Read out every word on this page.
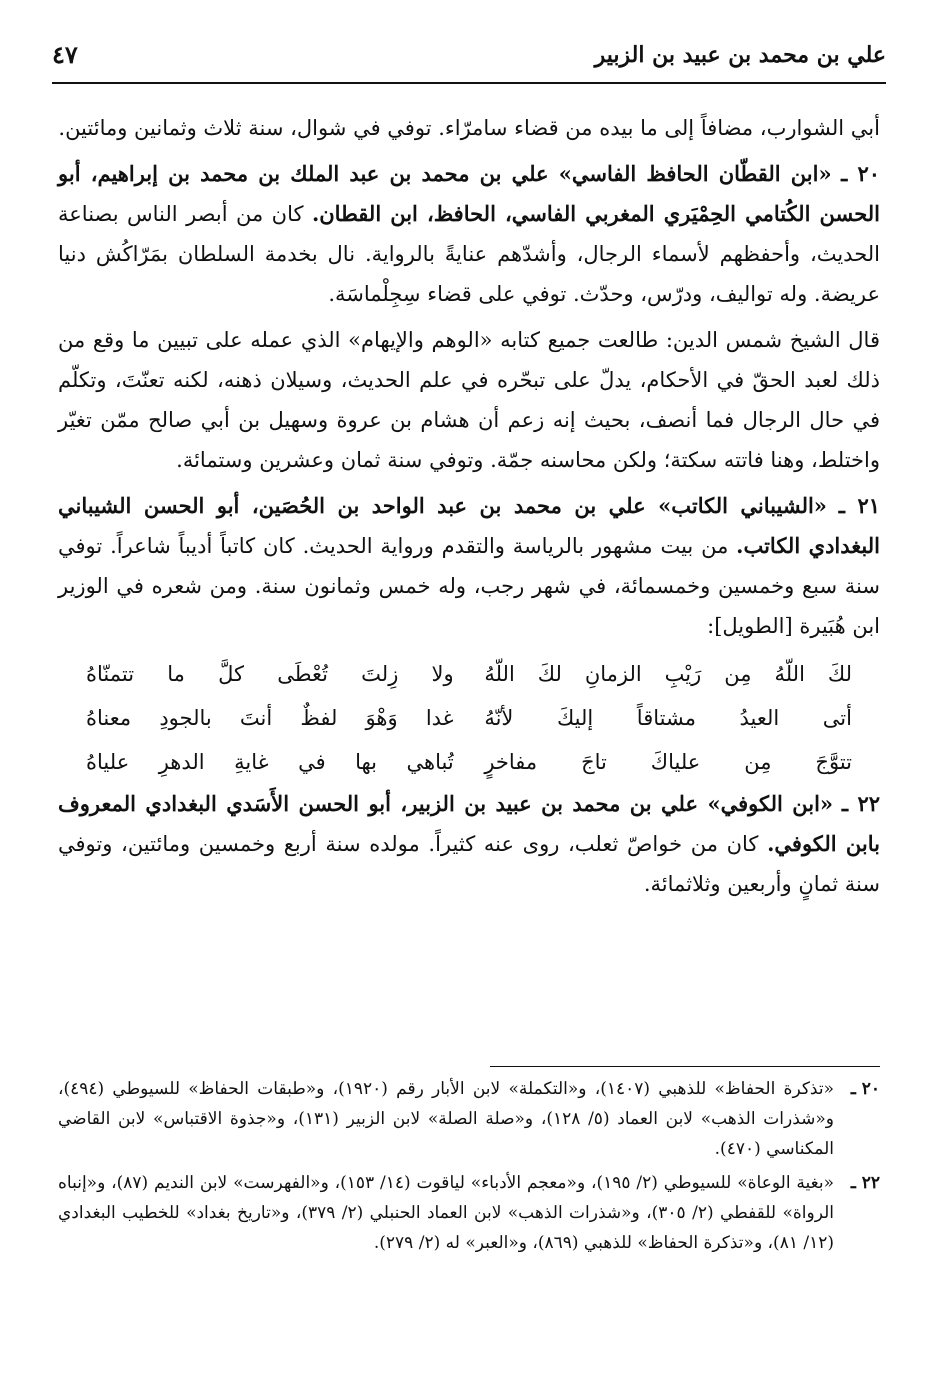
علي بن محمد بن عبيد بن الزبير
٤٧

أبي الشوارب، مضافاً إلى ما بيده من قضاء سامرّاء. توفي في شوال، سنة ثلاث وثمانين ومائتين.

٢٠ ـ «ابن القطّان الحافظ الفاسي» علي بن محمد بن عبد الملك بن محمد بن إبراهيم، أبو الحسن الكُتامي الحِمْيَري المغربي الفاسي، الحافظ، ابن القطان. كان من أبصر الناس بصناعة الحديث، وأحفظهم لأسماء الرجال، وأشدّهم عنايةً بالرواية. نال بخدمة السلطان بمَرّاكُش دنيا عريضة. وله تواليف، ودرّس، وحدّث. توفي على قضاء سِجِلْماسَة.

قال الشيخ شمس الدين: طالعت جميع كتابه «الوهم والإيهام» الذي عمله على تبيين ما وقع من ذلك لعبد الحقّ في الأحكام، يدلّ على تبحّره في علم الحديث، وسيلان ذهنه، لكنه تعنّتَ، وتكلّم في حال الرجال فما أنصف، بحيث إنه زعم أن هشام بن عروة وسهيل بن أبي صالح ممّن تغيّر واختلط، وهنا فاتته سكتة؛ ولكن محاسنه جمّة. وتوفي سنة ثمان وعشرين وستمائة.

٢١ ـ «الشيباني الكاتب» علي بن محمد بن عبد الواحد بن الحُصَين، أبو الحسن الشيباني البغدادي الكاتب. من بيت مشهور بالرياسة والتقدم ورواية الحديث. كان كاتباً أديباً شاعراً. توفي سنة سبع وخمسين وخمسمائة، في شهر رجب، وله خمس وثمانون سنة. ومن شعره في الوزير ابن هُبَيرة [الطويل]:

لكَ اللّهُ مِن رَيْبِ الزمانِ لكَ اللّهُ
ولا زِلتَ تُعْطَى كلَّ ما تتمنّاهُ
أتى العيدُ مشتاقاً إليكَ لأنّهُ
غدا وَهْوَ لفظٌ أنتَ بالجودِ معناهُ
تتوَّجَ مِن علياكَ تاجَ مفاخرٍ
تُباهي بها في غايةِ الدهرِ علياهُ

٢٢ ـ «ابن الكوفي» علي بن محمد بن عبيد بن الزبير، أبو الحسن الأَسَدي البغدادي المعروف بابن الكوفي. كان من خواصّ ثعلب، روى عنه كثيراً. مولده سنة أربع وخمسين ومائتين، وتوفي سنة ثمانٍ وأربعين وثلاثمائة.

٢٠ ـ
«تذكرة الحفاظ» للذهبي (١٤٠٧)، و«التكملة» لابن الأبار رقم (١٩٢٠)، و«طبقات الحفاظ» للسيوطي (٤٩٤)، و«شذرات الذهب» لابن العماد (٥/ ١٢٨)، و«صلة الصلة» لابن الزبير (١٣١)، و«جذوة الاقتباس» لابن القاضي المكناسي (٤٧٠).
٢٢ ـ
«بغية الوعاة» للسيوطي (٢/ ١٩٥)، و«معجم الأدباء» لياقوت (١٤/ ١٥٣)، و«الفهرست» لابن النديم (٨٧)، و«إنباه الرواة» للقفطي (٢/ ٣٠٥)، و«شذرات الذهب» لابن العماد الحنبلي (٢/ ٣٧٩)، و«تاريخ بغداد» للخطيب البغدادي (١٢/ ٨١)، و«تذكرة الحفاظ» للذهبي (٨٦٩)، و«العبر» له (٢/ ٢٧٩).
